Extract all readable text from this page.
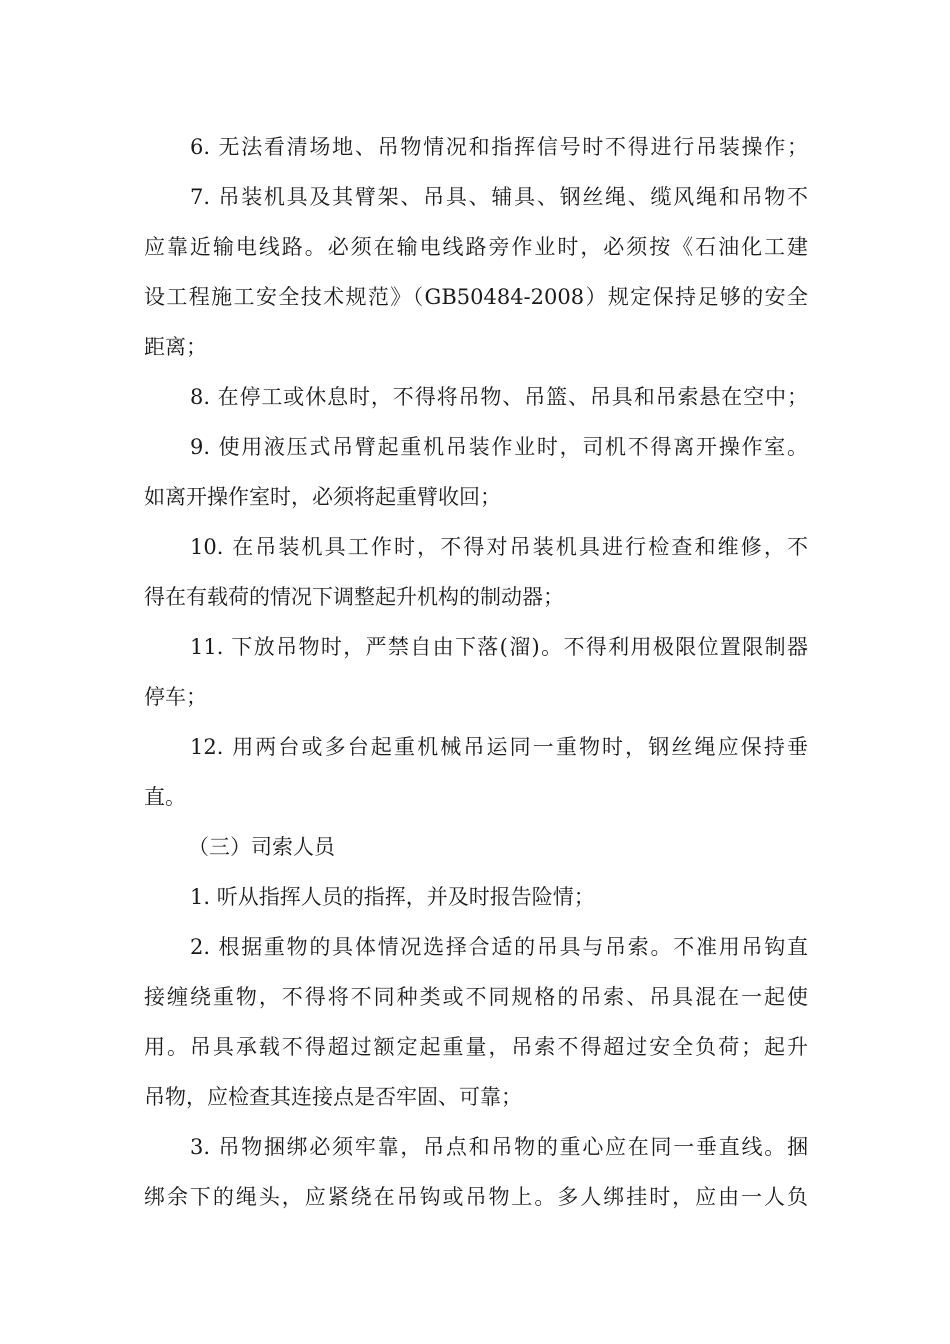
6. 无法看清场地、吊物情况和指挥信号时不得进行吊装操作；
7. 吊装机具及其臂架、吊具、辅具、钢丝绳、缆风绳和吊物不
应靠近输电线路。必须在输电线路旁作业时，必须按《石油化工建
设工程施工安全技术规范》（GB50484-2008）规定保持足够的安全
距离；
8. 在停工或休息时，不得将吊物、吊篮、吊具和吊索悬在空中；
9. 使用液压式吊臂起重机吊装作业时，司机不得离开操作室。
如离开操作室时，必须将起重臂收回；
10. 在吊装机具工作时，不得对吊装机具进行检查和维修，不
得在有载荷的情况下调整起升机构的制动器；
11. 下放吊物时，严禁自由下落(溜)。不得利用极限位置限制器
停车；
12. 用两台或多台起重机械吊运同一重物时，钢丝绳应保持垂
直。
（三）司索人员
1. 听从指挥人员的指挥，并及时报告险情；
2. 根据重物的具体情况选择合适的吊具与吊索。不准用吊钩直
接缠绕重物，不得将不同种类或不同规格的吊索、吊具混在一起使
用。吊具承载不得超过额定起重量，吊索不得超过安全负荷；起升
吊物，应检查其连接点是否牢固、可靠；
3. 吊物捆绑必须牢靠，吊点和吊物的重心应在同一垂直线。捆
绑余下的绳头，应紧绕在吊钩或吊物上。多人绑挂时，应由一人负
